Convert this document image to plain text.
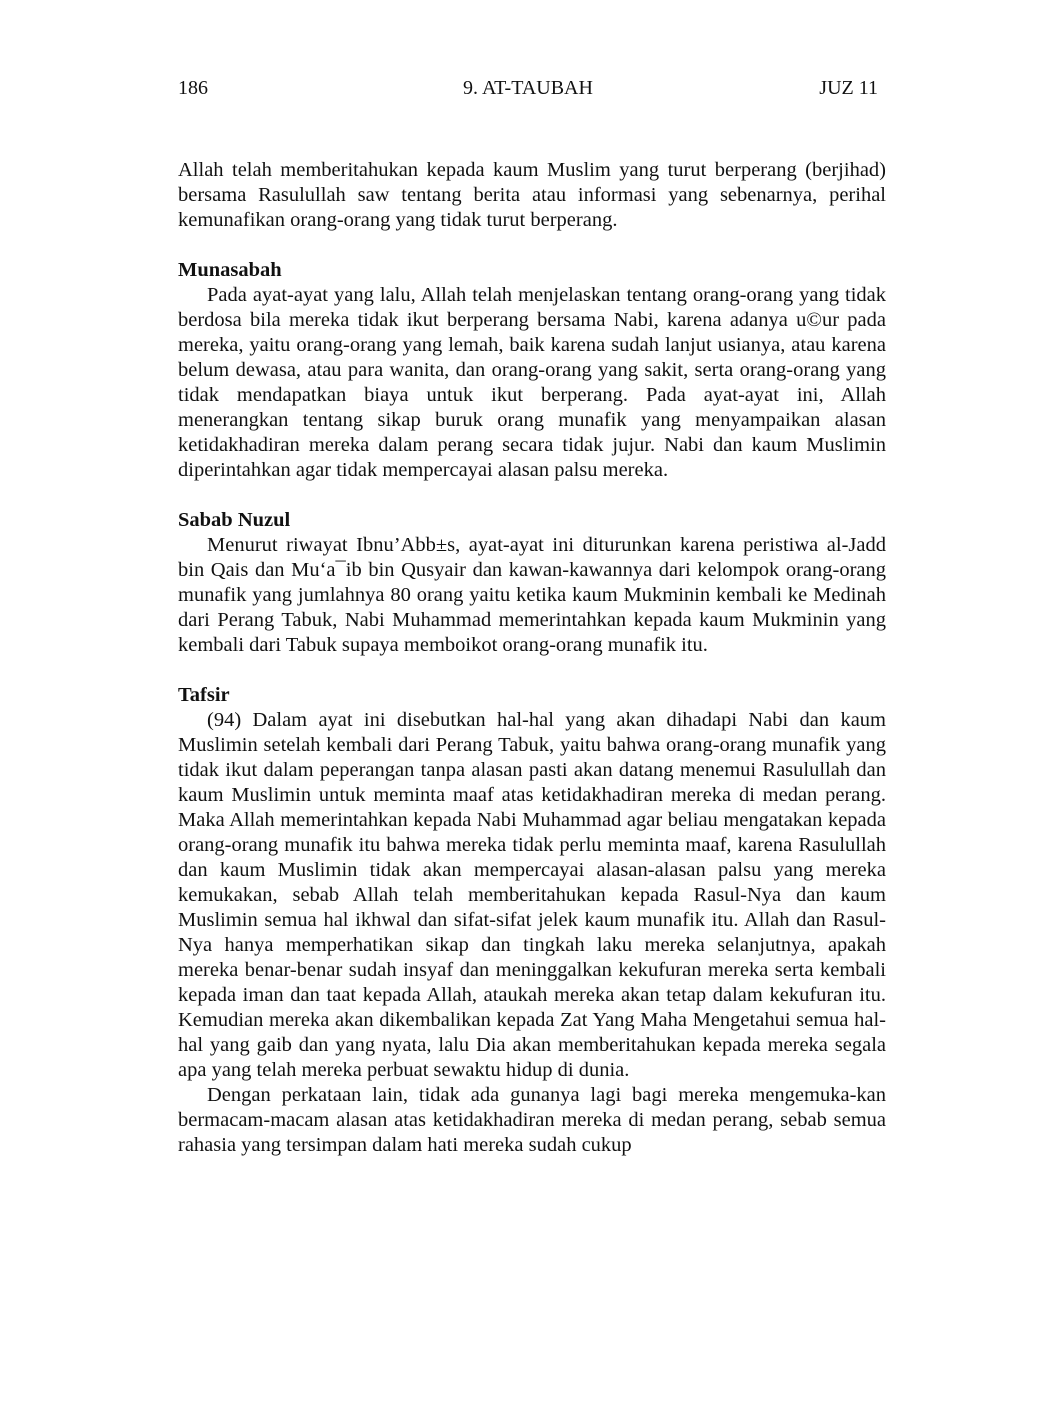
9. AT-TAUBAH
186	JUZ 11

Allah telah memberitahukan kepada kaum Muslim yang turut berperang (berjihad) bersama Rasulullah saw tentang berita atau informasi yang sebenarnya, perihal kemunafikan orang-orang yang tidak turut berperang.

Munasabah

Pada ayat-ayat yang lalu, Allah telah menjelaskan tentang orang-orang yang tidak berdosa bila mereka tidak ikut berperang bersama Nabi, karena adanya u©ur pada mereka, yaitu orang-orang yang lemah, baik karena sudah lanjut usianya, atau karena belum dewasa, atau para wanita, dan orang-orang yang sakit, serta orang-orang yang tidak mendapatkan biaya untuk ikut berperang. Pada ayat-ayat ini, Allah menerangkan tentang sikap buruk orang munafik yang menyampaikan alasan ketidakhadiran mereka dalam perang secara tidak jujur. Nabi dan kaum Muslimin diperintahkan agar tidak mempercayai alasan palsu mereka.

Sabab Nuzul

Menurut riwayat Ibnu’Abb±s, ayat-ayat ini diturunkan karena peristiwa al-Jadd bin Qais dan Mu‘a¯ib bin Qusyair dan kawan-kawannya dari kelompok orang-orang munafik yang jumlahnya 80 orang yaitu ketika kaum Mukminin kembali ke Medinah dari Perang Tabuk, Nabi Muhammad memerintahkan kepada kaum Mukminin yang kembali dari Tabuk supaya memboikot orang-orang munafik itu.

Tafsir

(94) Dalam ayat ini disebutkan hal-hal yang akan dihadapi Nabi dan kaum Muslimin setelah kembali dari Perang Tabuk, yaitu bahwa orang-orang munafik yang tidak ikut dalam peperangan tanpa alasan pasti akan datang menemui Rasulullah dan kaum Muslimin untuk meminta maaf atas ketidakhadiran mereka di medan perang. Maka Allah memerintahkan kepada Nabi Muhammad agar beliau mengatakan kepada orang-orang munafik itu bahwa mereka tidak perlu meminta maaf, karena Rasulullah dan kaum Muslimin tidak akan mempercayai alasan-alasan palsu yang mereka kemukakan, sebab Allah telah memberitahukan kepada Rasul-Nya dan kaum Muslimin semua hal ikhwal dan sifat-sifat jelek kaum munafik itu. Allah dan Rasul-Nya hanya memperhatikan sikap dan tingkah laku mereka selanjutnya, apakah mereka benar-benar sudah insyaf dan meninggalkan kekufuran mereka serta kembali kepada iman dan taat kepada Allah, ataukah mereka akan tetap dalam kekufuran itu. Kemudian mereka akan dikembalikan kepada Zat Yang Maha Mengetahui semua hal-hal yang gaib dan yang nyata, lalu Dia akan memberitahukan kepada mereka segala apa yang telah mereka perbuat sewaktu hidup di dunia.

Dengan perkataan lain, tidak ada gunanya lagi bagi mereka mengemuka-kan bermacam-macam alasan atas ketidakhadiran mereka di medan perang, sebab semua rahasia yang tersimpan dalam hati mereka sudah cukup
